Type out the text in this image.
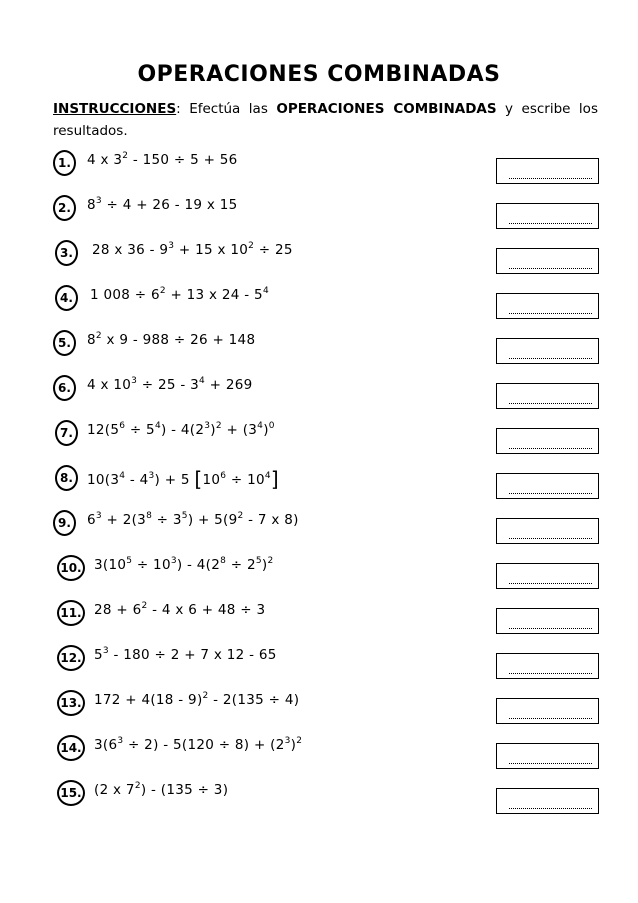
OPERACIONES COMBINADAS
INSTRUCCIONES: Efectúa las OPERACIONES COMBINADAS y escribe los resultados.
1.	4 x $3^2 - 150 \div 5 + 56$
2.	$8^3 \div 4 + 26 - 19$ x 15
3.	28 x $36 - 9^3 + 15$ x $10^2 \div 25$
4.	1 $008 \div 6^2 + 13$ x $24 - 5^4$
5.	$8^2$ x 9 - 988 ÷ 26 + 148
6.	4 x $10^3 \div 25 - 3^4 + 269$
7.	$12(5^6 \div 5^4) - 4(2^3)^2 + (3^4)^0$
8.	$10(3^4 - 4^3) + 5$ $[10^6 \div 10^4]$
9.	$6^3 + 2(3^8 \div 3^5) + 5(9^2 - 7$ x 8)
10. $3(10^5 \div 10^3) - 4(2^8 \div 2^5)^2$
11. $28 + 6^2 - 4$ x 6 + 48 ÷ 3
12. $5^3 - 180 \div 2 + 7$ x 12 - 65
13. 172 + 4(18 - 9)$^2$ - 2(135 ÷ 4)
14. $3(6^3 \div 2) - 5(120 \div 8) + (2^3)^2$
15. (2 x $7^2) - (135 \div 3)$
